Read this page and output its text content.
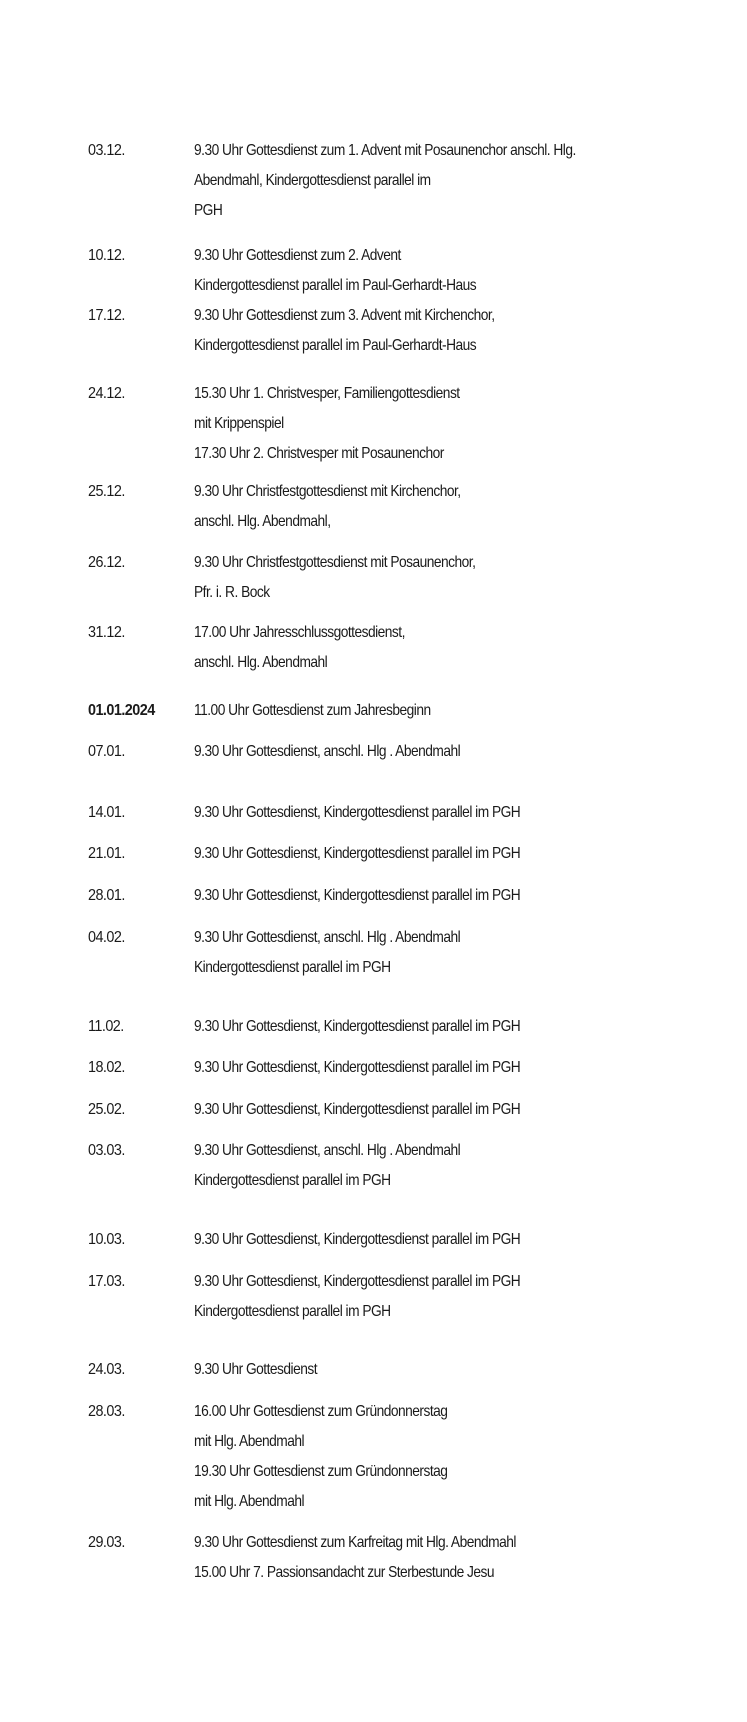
03.12.	9.30 Uhr Gottesdienst zum 1. Advent mit Posaunenchor anschl. Hlg.
Abendmahl, Kindergottesdienst parallel im
PGH
10.12.	9.30 Uhr Gottesdienst zum 2. Advent
Kindergottesdienst parallel im Paul-Gerhardt-Haus
17.12.	9.30 Uhr Gottesdienst zum 3. Advent mit Kirchenchor,
Kindergottesdienst parallel im Paul-Gerhardt-Haus
24.12.	15.30 Uhr 1. Christvesper, Familiengottesdienst
mit Krippenspiel
17.30 Uhr 2. Christvesper mit Posaunenchor
25.12.	9.30 Uhr Christfestgottesdienst mit Kirchenchor,
anschl. Hlg. Abendmahl,
26.12.	9.30 Uhr Christfestgottesdienst mit Posaunenchor,
Pfr. i. R. Bock
31.12.	17.00 Uhr Jahresschlussgottesdienst,
anschl. Hlg. Abendmahl
01.01.2024	11.00 Uhr Gottesdienst zum Jahresbeginn
07.01.	9.30 Uhr Gottesdienst, anschl. Hlg . Abendmahl
14.01.	9.30 Uhr Gottesdienst, Kindergottesdienst parallel im PGH
21.01.	9.30 Uhr Gottesdienst, Kindergottesdienst parallel im PGH
28.01.	9.30 Uhr Gottesdienst, Kindergottesdienst parallel im PGH
04.02.	9.30 Uhr Gottesdienst, anschl. Hlg . Abendmahl
Kindergottesdienst parallel im PGH
11.02.	9.30 Uhr Gottesdienst, Kindergottesdienst parallel im PGH
18.02.	9.30 Uhr Gottesdienst, Kindergottesdienst parallel im PGH
25.02.	9.30 Uhr Gottesdienst, Kindergottesdienst parallel im PGH
03.03.	9.30 Uhr Gottesdienst, anschl. Hlg . Abendmahl
Kindergottesdienst parallel im PGH
10.03.	9.30 Uhr Gottesdienst, Kindergottesdienst parallel im PGH
17.03.	9.30 Uhr Gottesdienst, Kindergottesdienst parallel im PGH
Kindergottesdienst parallel im PGH
24.03.	9.30 Uhr Gottesdienst
28.03.	16.00 Uhr Gottesdienst zum Gründonnerstag
mit Hlg. Abendmahl
19.30 Uhr Gottesdienst zum Gründonnerstag
mit Hlg. Abendmahl
29.03.	9.30 Uhr Gottesdienst zum Karfreitag mit Hlg. Abendmahl
15.00 Uhr 7. Passionsandacht zur Sterbestunde Jesu
